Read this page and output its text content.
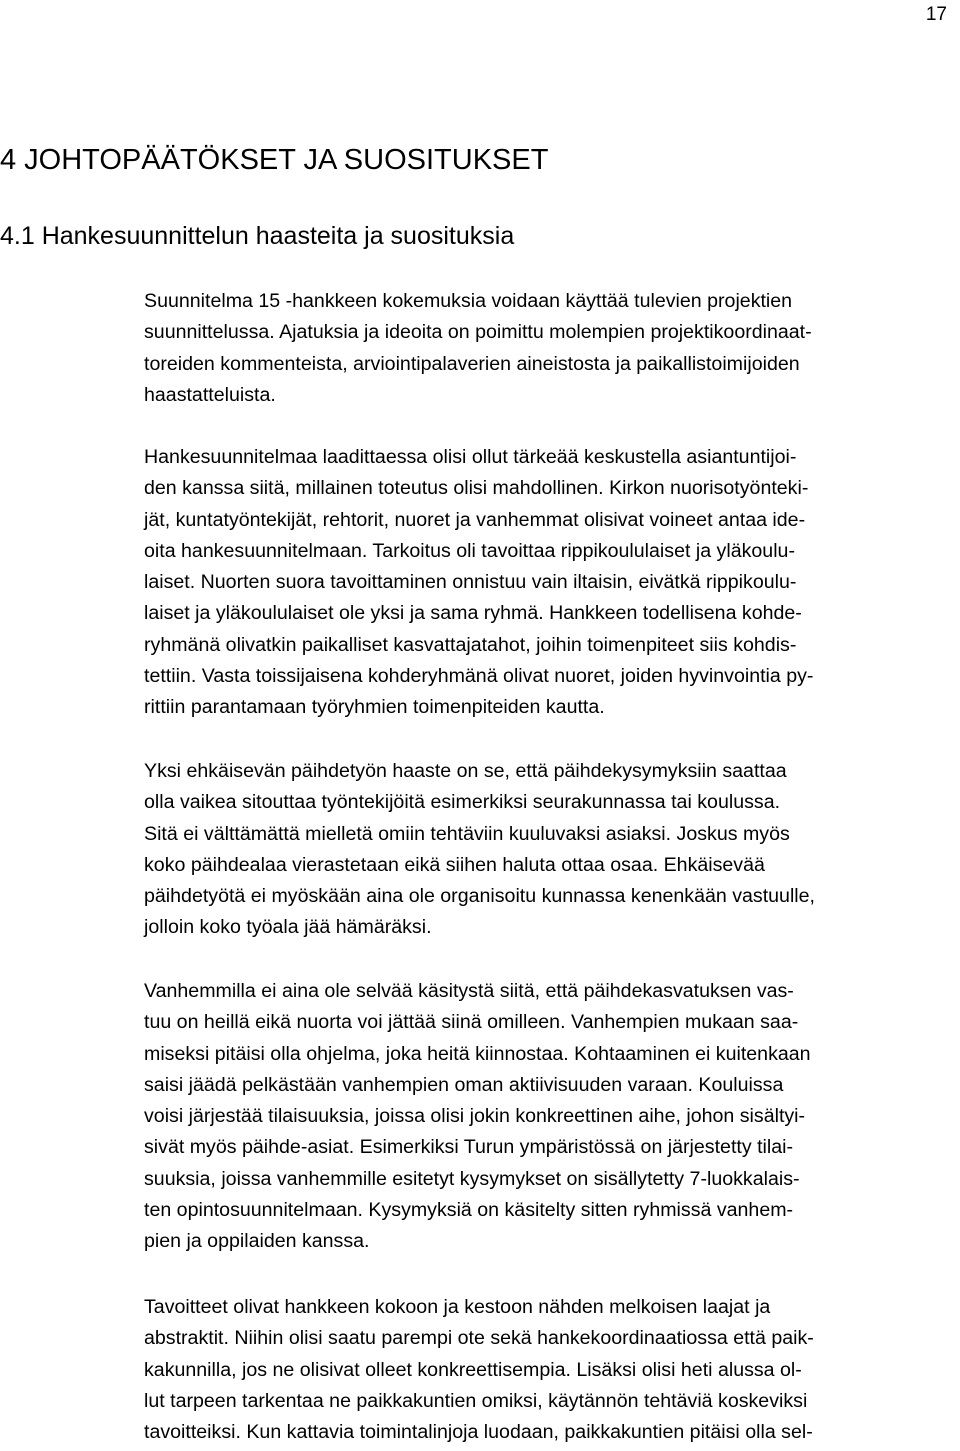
17
4 JOHTOPÄÄTÖKSET JA SUOSITUKSET
4.1 Hankesuunnittelun haasteita ja suosituksia
Suunnitelma 15 -hankkeen kokemuksia voidaan käyttää tulevien projektien
suunnittelussa. Ajatuksia ja ideoita on poimittu molempien projektikoordinaat-
toreiden kommenteista, arviointipalaverien aineistosta ja paikallistoimijoiden
haastatteluista.
Hankesuunnitelmaa laadittaessa olisi ollut tärkeää keskustella asiantuntijoi-
den kanssa siitä, millainen toteutus olisi mahdollinen. Kirkon nuorisotyönteki-
jät, kuntatyöntekijät, rehtorit, nuoret ja vanhemmat olisivat voineet antaa ide-
oita hankesuunnitelmaan. Tarkoitus oli tavoittaa rippikoululaiset ja yläkoulu-
laiset. Nuorten suora tavoittaminen onnistuu vain iltaisin, eivätkä rippikoulu-
laiset ja yläkoululaiset ole yksi ja sama ryhmä. Hankkeen todellisena kohde-
ryhmänä olivatkin paikalliset kasvattajatahot, joihin toimenpiteet siis kohdis-
tettiin. Vasta toissijaisena kohderyhmänä olivat nuoret, joiden hyvinvointia py-
rittiin parantamaan työryhmien toimenpiteiden kautta.
Yksi ehkäisevän päihdetyön haaste on se, että päihdekysymyksiin saattaa
olla vaikea sitouttaa työntekijöitä esimerkiksi seurakunnassa tai koulussa.
Sitä ei välttämättä mielletä omiin tehtäviin kuuluvaksi asiaksi. Joskus myös
koko päihdealaa vierastetaan eikä siihen haluta ottaa osaa. Ehkäisevää
päihdetyötä ei myöskään aina ole organisoitu kunnassa kenenkään vastuulle,
jolloin koko työala jää hämäräksi.
Vanhemmilla ei aina ole selvää käsitystä siitä, että päihdekasvatuksen vas-
tuu on heillä eikä nuorta voi jättää siinä omilleen. Vanhempien mukaan saa-
miseksi pitäisi olla ohjelma, joka heitä kiinnostaa. Kohtaaminen ei kuitenkaan
saisi jäädä pelkästään vanhempien oman aktiivisuuden varaan. Kouluissa
voisi järjestää tilaisuuksia, joissa olisi jokin konkreettinen aihe, johon sisältyi-
sivät myös päihde-asiat. Esimerkiksi Turun ympäristössä on järjestetty tilai-
suuksia, joissa vanhemmille esitetyt kysymykset on sisällytetty 7-luokkalais-
ten opintosuunnitelmaan. Kysymyksiä on käsitelty sitten ryhmissä vanhem-
pien ja oppilaiden kanssa.
Tavoitteet olivat hankkeen kokoon ja kestoon nähden melkoisen laajat ja
abstraktit. Niihin olisi saatu parempi ote sekä hankekoordinaatiossa että paik-
kakunnilla, jos ne olisivat olleet konkreettisempia. Lisäksi olisi heti alussa ol-
lut tarpeen tarkentaa ne paikkakuntien omiksi, käytännön tehtäviä koskeviksi
tavoitteiksi. Kun kattavia toimintalinjoja luodaan, paikkakuntien pitäisi olla sel-
